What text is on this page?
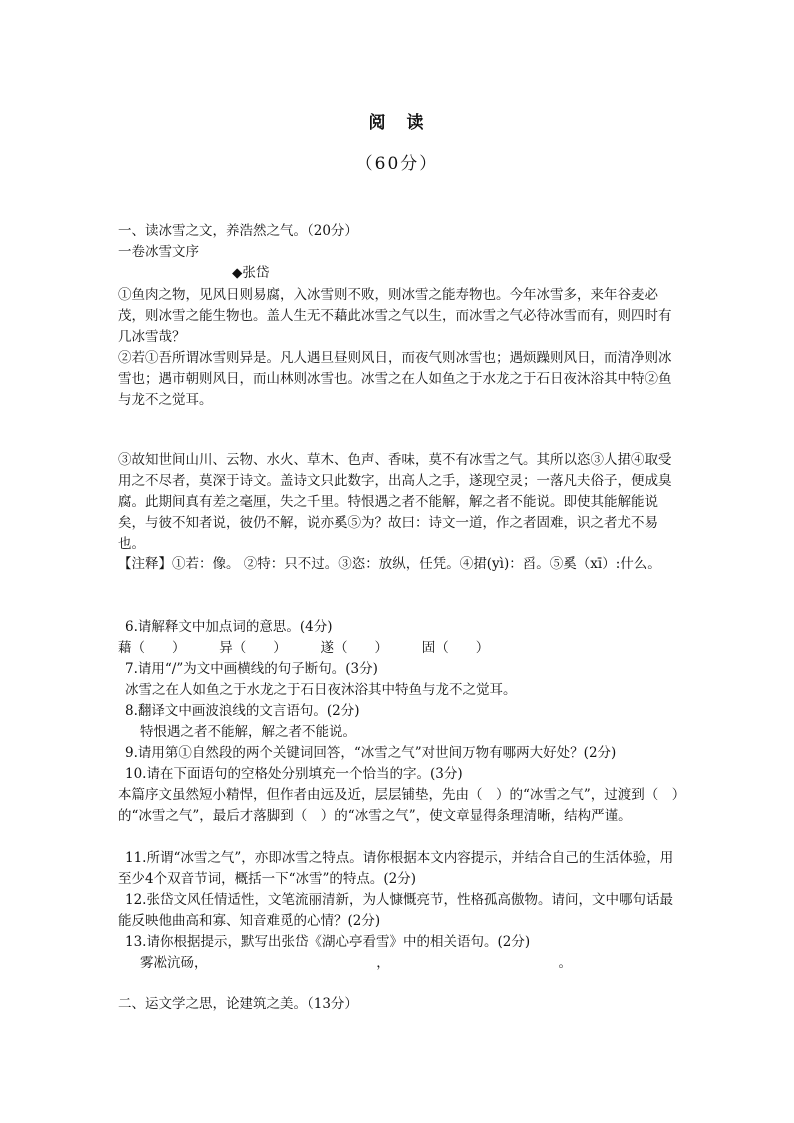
阅　读
（60分）
一、读冰雪之文，养浩然之气。（20分）
一卷冰雪文序
◆张岱
①鱼肉之物，见风日则易腐，入冰雪则不败，则冰雪之能寿物也。今年冰雪多，来年谷麦必茂，则冰雪之能生物也。盖人生无不藉此冰雪之气以生，而冰雪之气必待冰雪而有，则四时有几冰雪哉？
②若①吾所谓冰雪则异是。凡人遇旦昼则风日，而夜气则冰雪也；遇烦躁则风日，而清净则冰雪也；遇市朝则风日，而山林则冰雪也。冰雪之在人如鱼之于水龙之于石日夜沐浴其中特②鱼与龙不之觉耳。
③故知世间山川、云物、水火、草木、色声、香味，莫不有冰雪之气。其所以恣③人捃④取受用之不尽者，莫深于诗文。盖诗文只此数字，出高人之手，遂现空灵；一落凡夫俗子，便成臭腐。此期间真有差之毫厘，失之千里。特恨遇之者不能解，解之者不能说。即使其能解能说矣，与彼不知者说，彼仍不解，说亦奚⑤为？故曰：诗文一道，作之者固难，识之者尤不易也。
【注释】①若：像。 ②特：只不过。③恣：放纵，任凭。④捃(yì)：舀。⑤奚（xī）:什么。
6.请解释文中加点词的意思。(4分)
藉（　　）　　　异（　　）　　　遂（　　）　　　固（　　）
7.请用“/”为文中画横线的句子断句。(3分)
冰雪之在人如鱼之于水龙之于石日夜沐浴其中特鱼与龙不之觉耳。
8.翻译文中画波浪线的文言语句。(2分)
特恨遇之者不能解，解之者不能说。
9.请用第①自然段的两个关键词回答，“冰雪之气”对世间万物有哪两大好处？(2分)
10.请在下面语句的空格处分别填充一个恰当的字。(3分)
本篇序文虽然短小精悍，但作者由远及近，层层铺垫，先由（　）的“冰雪之气”，过渡到（　）的“冰雪之气”，最后才落脚到（　）的“冰雪之气”，使文章显得条理清晰，结构严谨。
11.所谓“冰雪之气”，亦即冰雪之特点。请你根据本文内容提示，并结合自己的生活体验，用至少4个双音节词，概括一下“冰雪”的特点。(2分)
12.张岱文风任情适性，文笔流丽清新，为人慷慨亮节，性格孤高傲物。请问，文中哪句话最能反映他曲高和寡、知音难觅的心情？(2分)
13.请你根据提示，默写出张岱《湖心亭看雪》中的相关语句。(2分)
雾凇沆砀，　　　　　　　　　　　　　，　　　　　　　　　　　　　。
二、运文学之思，论建筑之美。（13分）
